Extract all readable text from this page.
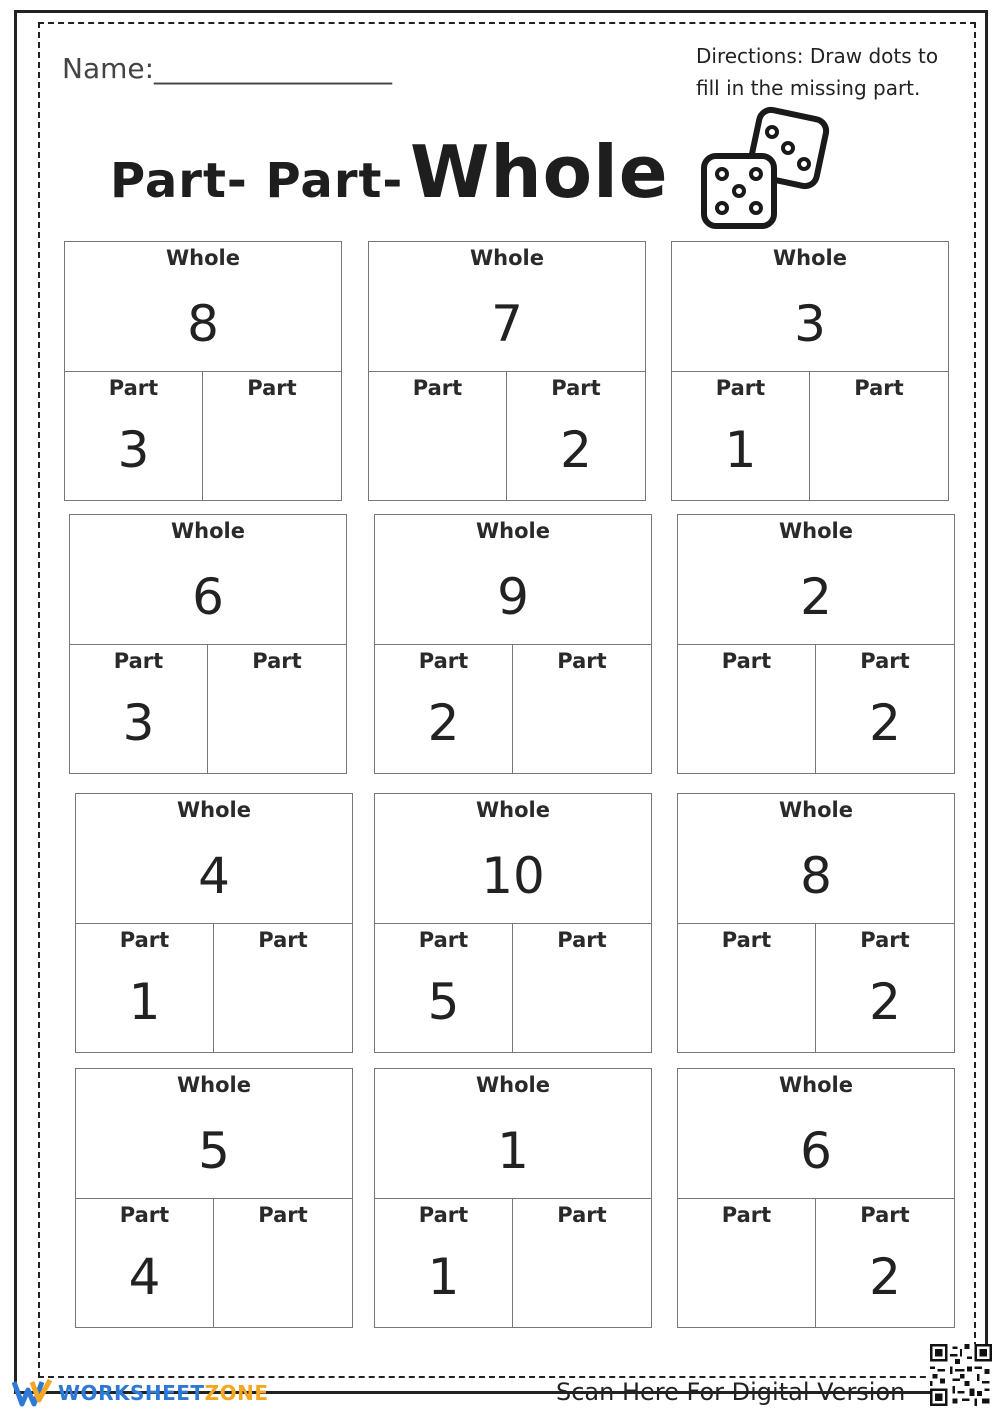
Name:_________________	Directions: Draw dots to fill in the missing part.
Part- Part- Whole
Whole
8
Part
3
Part
Whole
7
Part	Part
2
Whole
3
Part
1
Part
Whole
6
Part
3
Part
Whole
9
Part
2
Part
Whole
2
Part	Part
2
Whole
4
Part
1
Part
Whole
10
Part
5
Part
Whole
8
Part	Part
2
Whole
5
Part
4
Part
Whole
1
Part
1
Part
Whole
6
Part	Part
2
WORKSHEET ZONE	Scan Here For Digital Version
